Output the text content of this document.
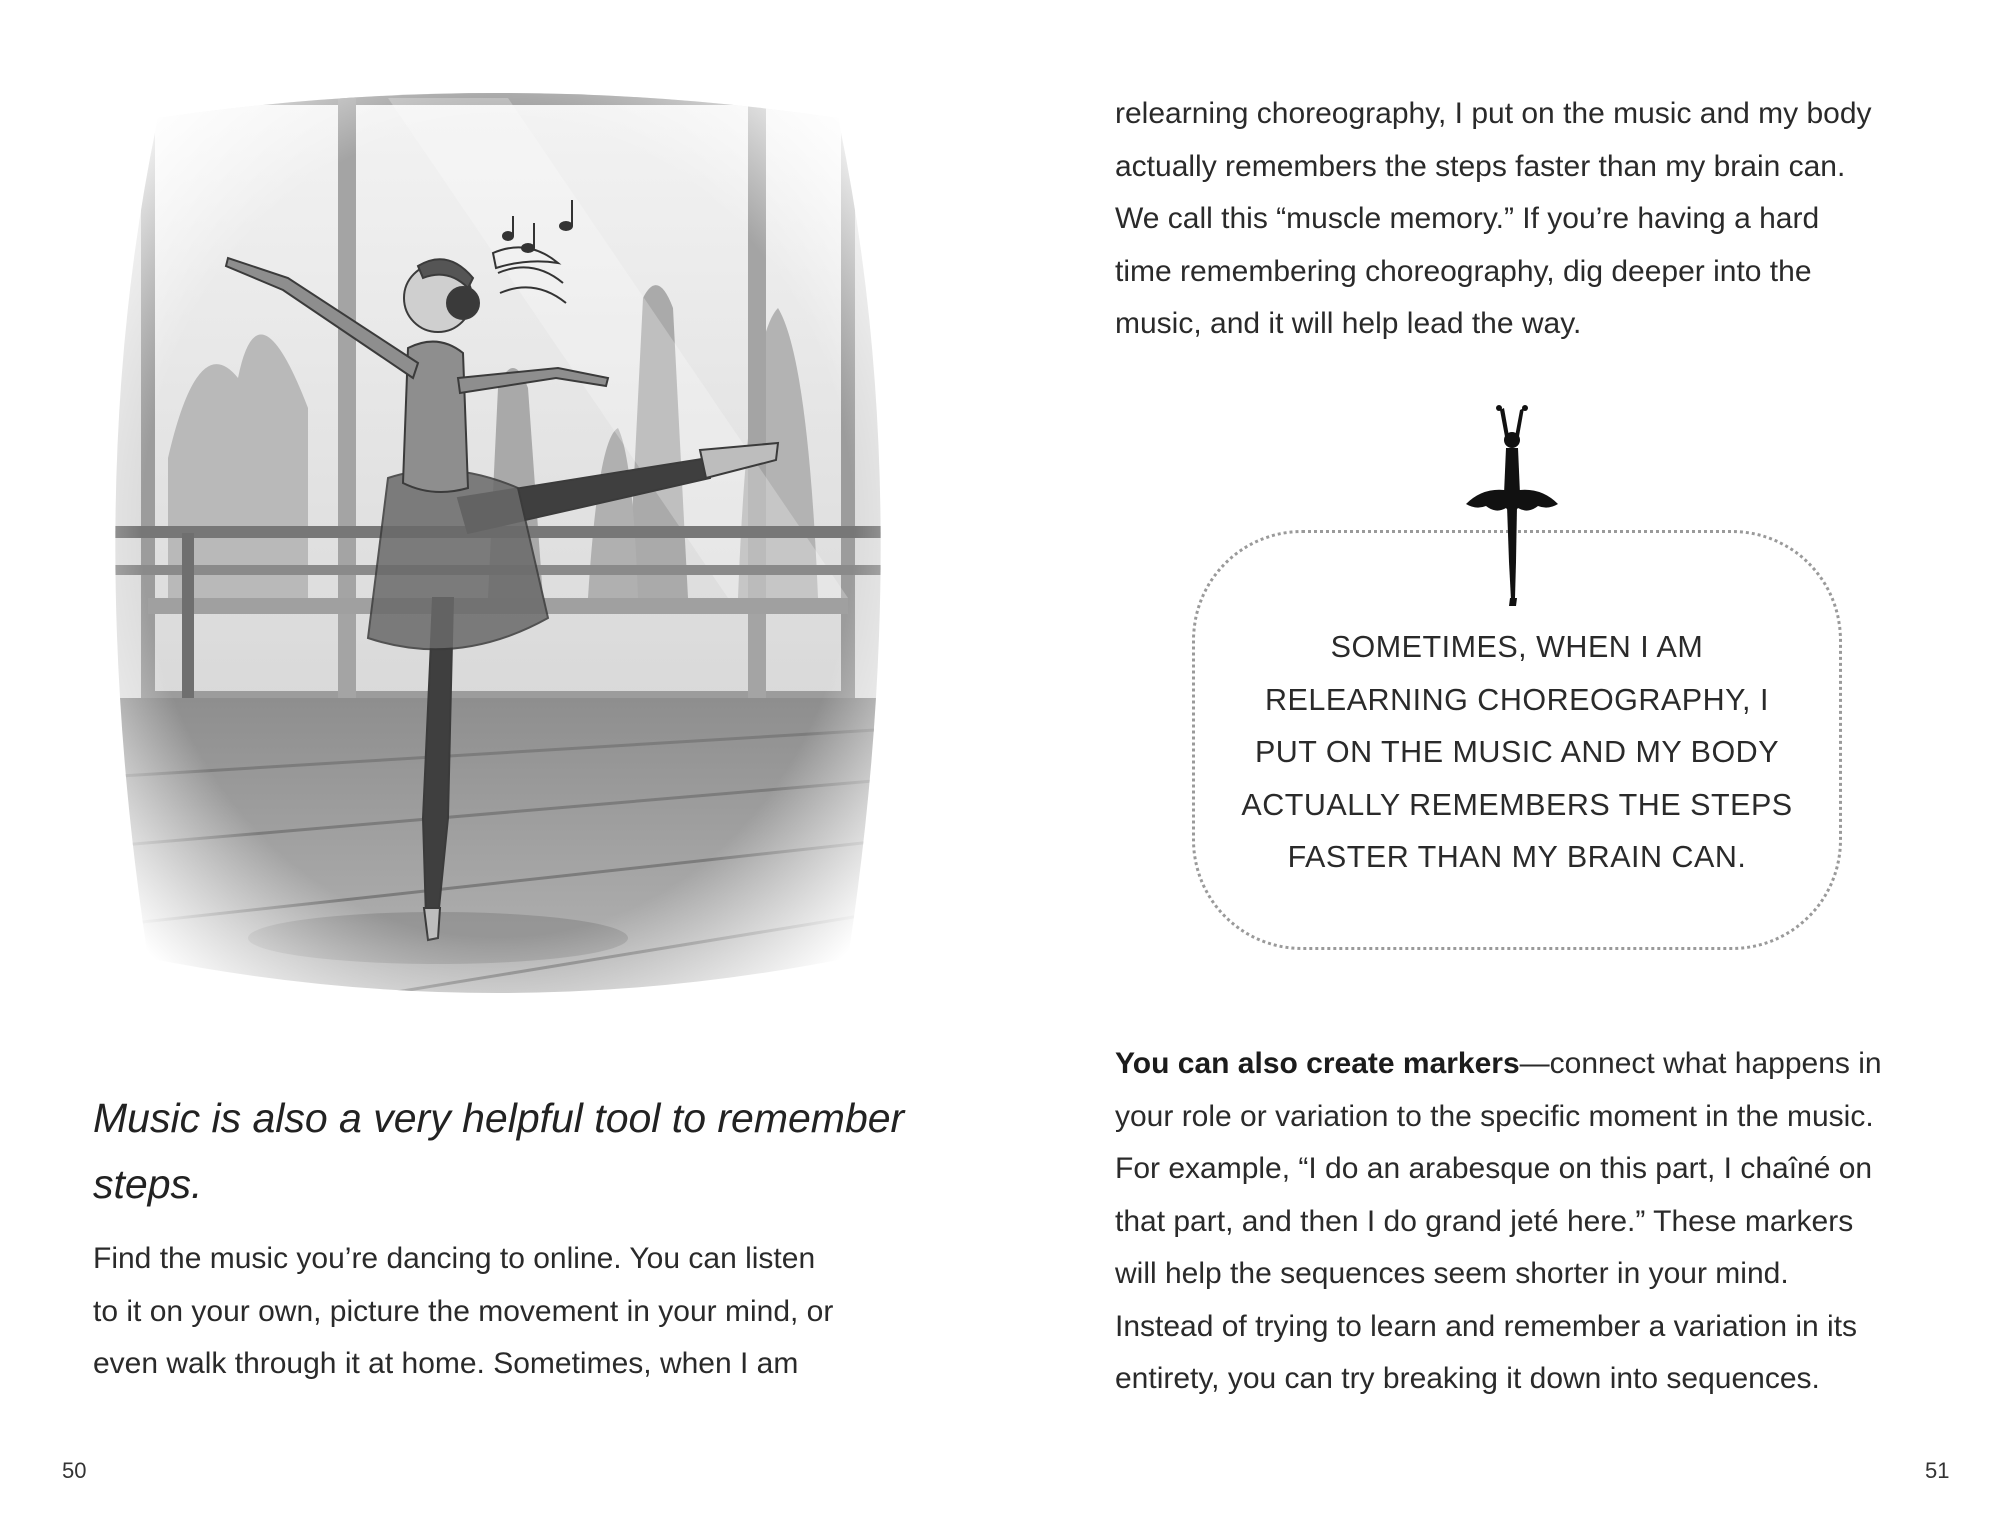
Music is also a very helpful tool to remember steps.

Find the music you’re dancing to online. You can listen
to it on your own, picture the movement in your mind, or
even walk through it at home. Sometimes, when I am

50

relearning choreography, I put on the music and my body
actually remembers the steps faster than my brain can.
We call this “muscle memory.” If you’re having a hard
time remembering choreography, dig deeper into the
music, and it will help lead the way.

SOMETIMES, WHEN I AM
RELEARNING CHOREOGRAPHY, I
PUT ON THE MUSIC AND MY BODY
ACTUALLY REMEMBERS THE STEPS
FASTER THAN MY BRAIN CAN.

You can also create markers—connect what happens in
your role or variation to the specific moment in the music.
For example, “I do an arabesque on this part, I chaîné on
that part, and then I do grand jeté here.” These markers
will help the sequences seem shorter in your mind.
Instead of trying to learn and remember a variation in its
entirety, you can try breaking it down into sequences.

51
